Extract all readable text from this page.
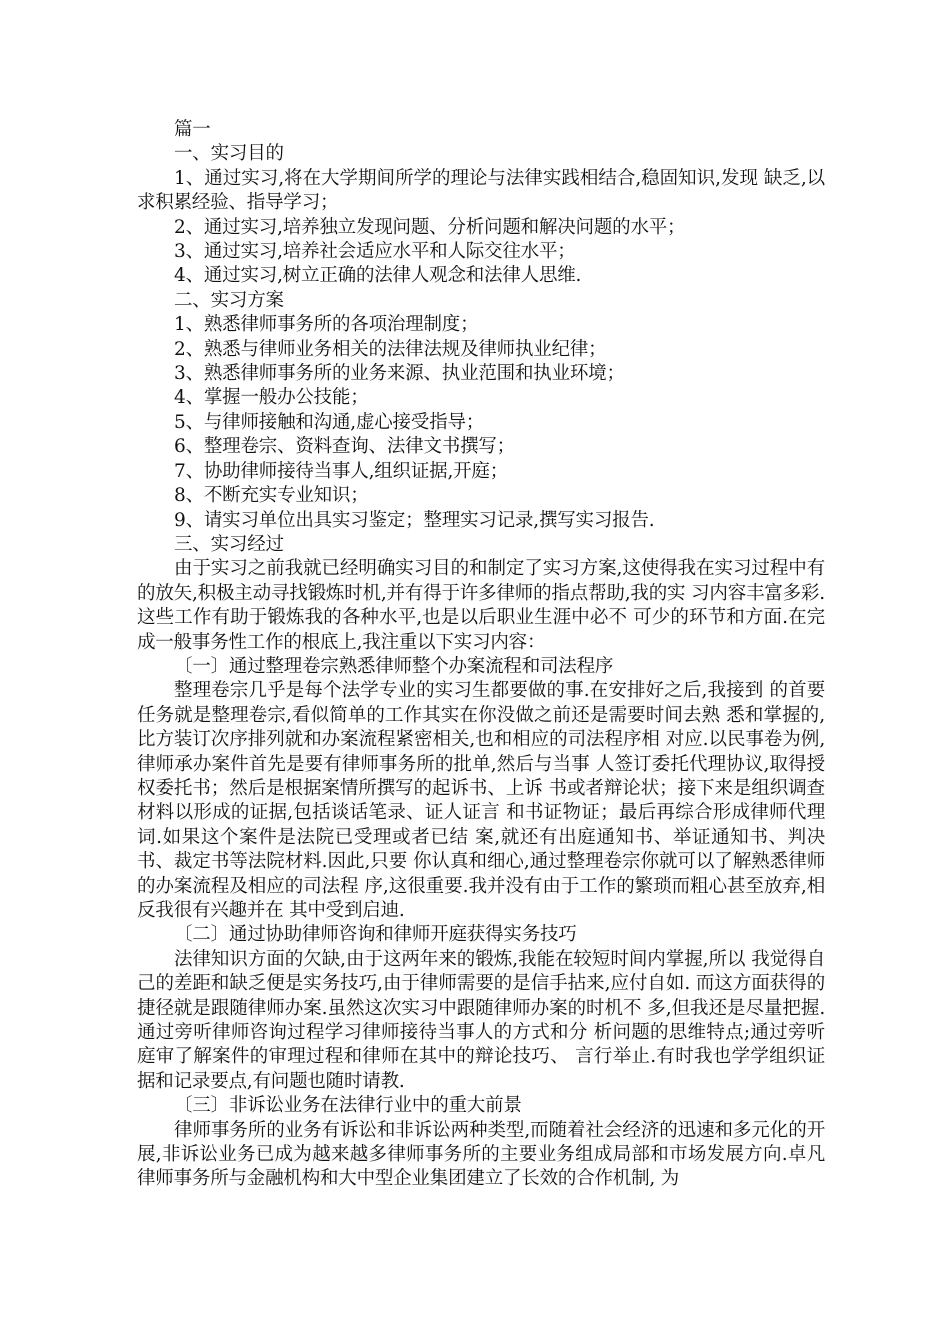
篇一

一、实习目的

1、通过实习,将在大学期间所学的理论与法律实践相结合,稳固知识,发现 缺乏,以求积累经验、指导学习；

2、通过实习,培养独立发现问题、分析问题和解决问题的水平；

3、通过实习,培养社会适应水平和人际交往水平；

4、通过实习,树立正确的法律人观念和法律人思维.

二、实习方案

1、熟悉律师事务所的各项治理制度；

2、熟悉与律师业务相关的法律法规及律师执业纪律；

3、熟悉律师事务所的业务来源、执业范围和执业环境；

4、掌握一般办公技能；

5、与律师接触和沟通,虚心接受指导；

6、整理卷宗、资料查询、法律文书撰写；

7、协助律师接待当事人,组织证据,开庭；

8、不断充实专业知识；

9、请实习单位出具实习鉴定；整理实习记录,撰写实习报告.

三、实习经过

由于实习之前我就已经明确实习目的和制定了实习方案,这使得我在实习过程中有的放矢,积极主动寻找锻炼时机,并有得于许多律师的指点帮助,我的实 习内容丰富多彩.这些工作有助于锻炼我的各种水平,也是以后职业生涯中必不 可少的环节和方面.在完成一般事务性工作的根底上,我注重以下实习内容：

〔一〕通过整理卷宗熟悉律师整个办案流程和司法程序

整理卷宗几乎是每个法学专业的实习生都要做的事.在安排好之后,我接到 的首要任务就是整理卷宗,看似简单的工作其实在你没做之前还是需要时间去熟 悉和掌握的,比方装订次序排列就和办案流程紧密相关,也和相应的司法程序相 对应.以民事卷为例,律师承办案件首先是要有律师事务所的批单,然后与当事 人签订委托代理协议,取得授权委托书；然后是根据案情所撰写的起诉书、上诉 书或者辩论状；接下来是组织调查材料以形成的证据,包括谈话笔录、证人证言 和书证物证；最后再综合形成律师代理词.如果这个案件是法院已受理或者已结 案,就还有出庭通知书、举证通知书、判决书、裁定书等法院材料.因此,只要 你认真和细心,通过整理卷宗你就可以了解熟悉律师的办案流程及相应的司法程 序,这很重要.我并没有由于工作的繁琐而粗心甚至放弃,相反我很有兴趣并在 其中受到启迪.

〔二〕通过协助律师咨询和律师开庭获得实务技巧

法律知识方面的欠缺,由于这两年来的锻炼,我能在较短时间内掌握,所以 我觉得自己的差距和缺乏便是实务技巧,由于律师需要的是信手拈来,应付自如. 而这方面获得的捷径就是跟随律师办案.虽然这次实习中跟随律师办案的时机不 多,但我还是尽量把握.通过旁听律师咨询过程学习律师接待当事人的方式和分 析问题的思维特点;通过旁听庭审了解案件的审理过程和律师在其中的辩论技巧、 言行举止.有时我也学学组织证据和记录要点,有问题也随时请教.

〔三〕非诉讼业务在法律行业中的重大前景

律师事务所的业务有诉讼和非诉讼两种类型,而随着社会经济的迅速和多元化的开展,非诉讼业务已成为越来越多律师事务所的主要业务组成局部和市场发展方向.卓凡律师事务所与金融机构和大中型企业集团建立了长效的合作机制, 为
